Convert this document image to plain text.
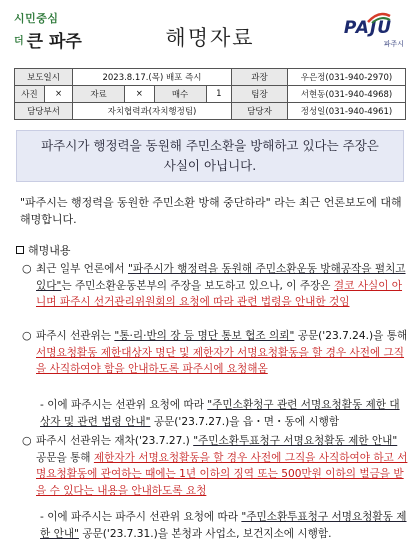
시민중심
더 큰 파주	해명자료	PAJU
파주시
보도일시		2023.8.17.(목) 배포 즉시				과장	우은정(031-940-2970)
사진	×	자료	×	매수	1	팀장	서현동(031-940-4968)
담당부서		자치협력과(자치행정팀)				담당자	정성일(031-940-4961)
파주시가 행정력을 동원해 주민소환을 방해하고 있다는 주장은
사실이 아닙니다.
"파주시는 행정력을 동원한 주민소환 방해 중단하라" 라는 최근 언론보도에 대해 해명합니다.
해명내용
○ 최근 일부 언론에서 "파주시가 행정력을 동원해 주민소환운동 방해공작을 펼치고 있다"는 주민소환운동본부의 주장을 보도하고 있으나, 이 주장은 결코 사실이 아니며 파주시 선거관리위원회의 요청에 따라 관련 법령을 안내한 것임
○ 파주시 선관위는 "통·리·반의 장 등 명단 통보 협조 의뢰" 공문('23.7.24.)을 통해 서명요청활동 제한대상자 명단 및 제한자가 서명요청활동을 할 경우 사전에 그직을 사직하여야 함을 안내하도록 파주시에 요청해옴
- 이에 파주시는 선관위 요청에 따라 "주민소환청구 관련 서명요청활동 제한 대상자 및 관련 법령 안내" 공문('23.7.27.)을 읍・면・동에 시행함
○ 파주시 선관위는 재차('23.7.27.) "주민소환투표청구 서명요청활동 제한 안내" 공문을 통해 제한자가 서명요청활동을 할 경우 사전에 그직을 사직하여야 하고 서명요청활동에 관여하는 때에는 1년 이하의 징역 또는 500만원 이하의 벌금을 받을 수 있다는 내용을 안내하도록 요청
- 이에 파주시는 파주시 선관위 요청에 따라 "주민소환투표청구 서명요청활동 제한 안내" 공문('23.7.31.)을 본청과 사업소, 보건지소에 시행함.
